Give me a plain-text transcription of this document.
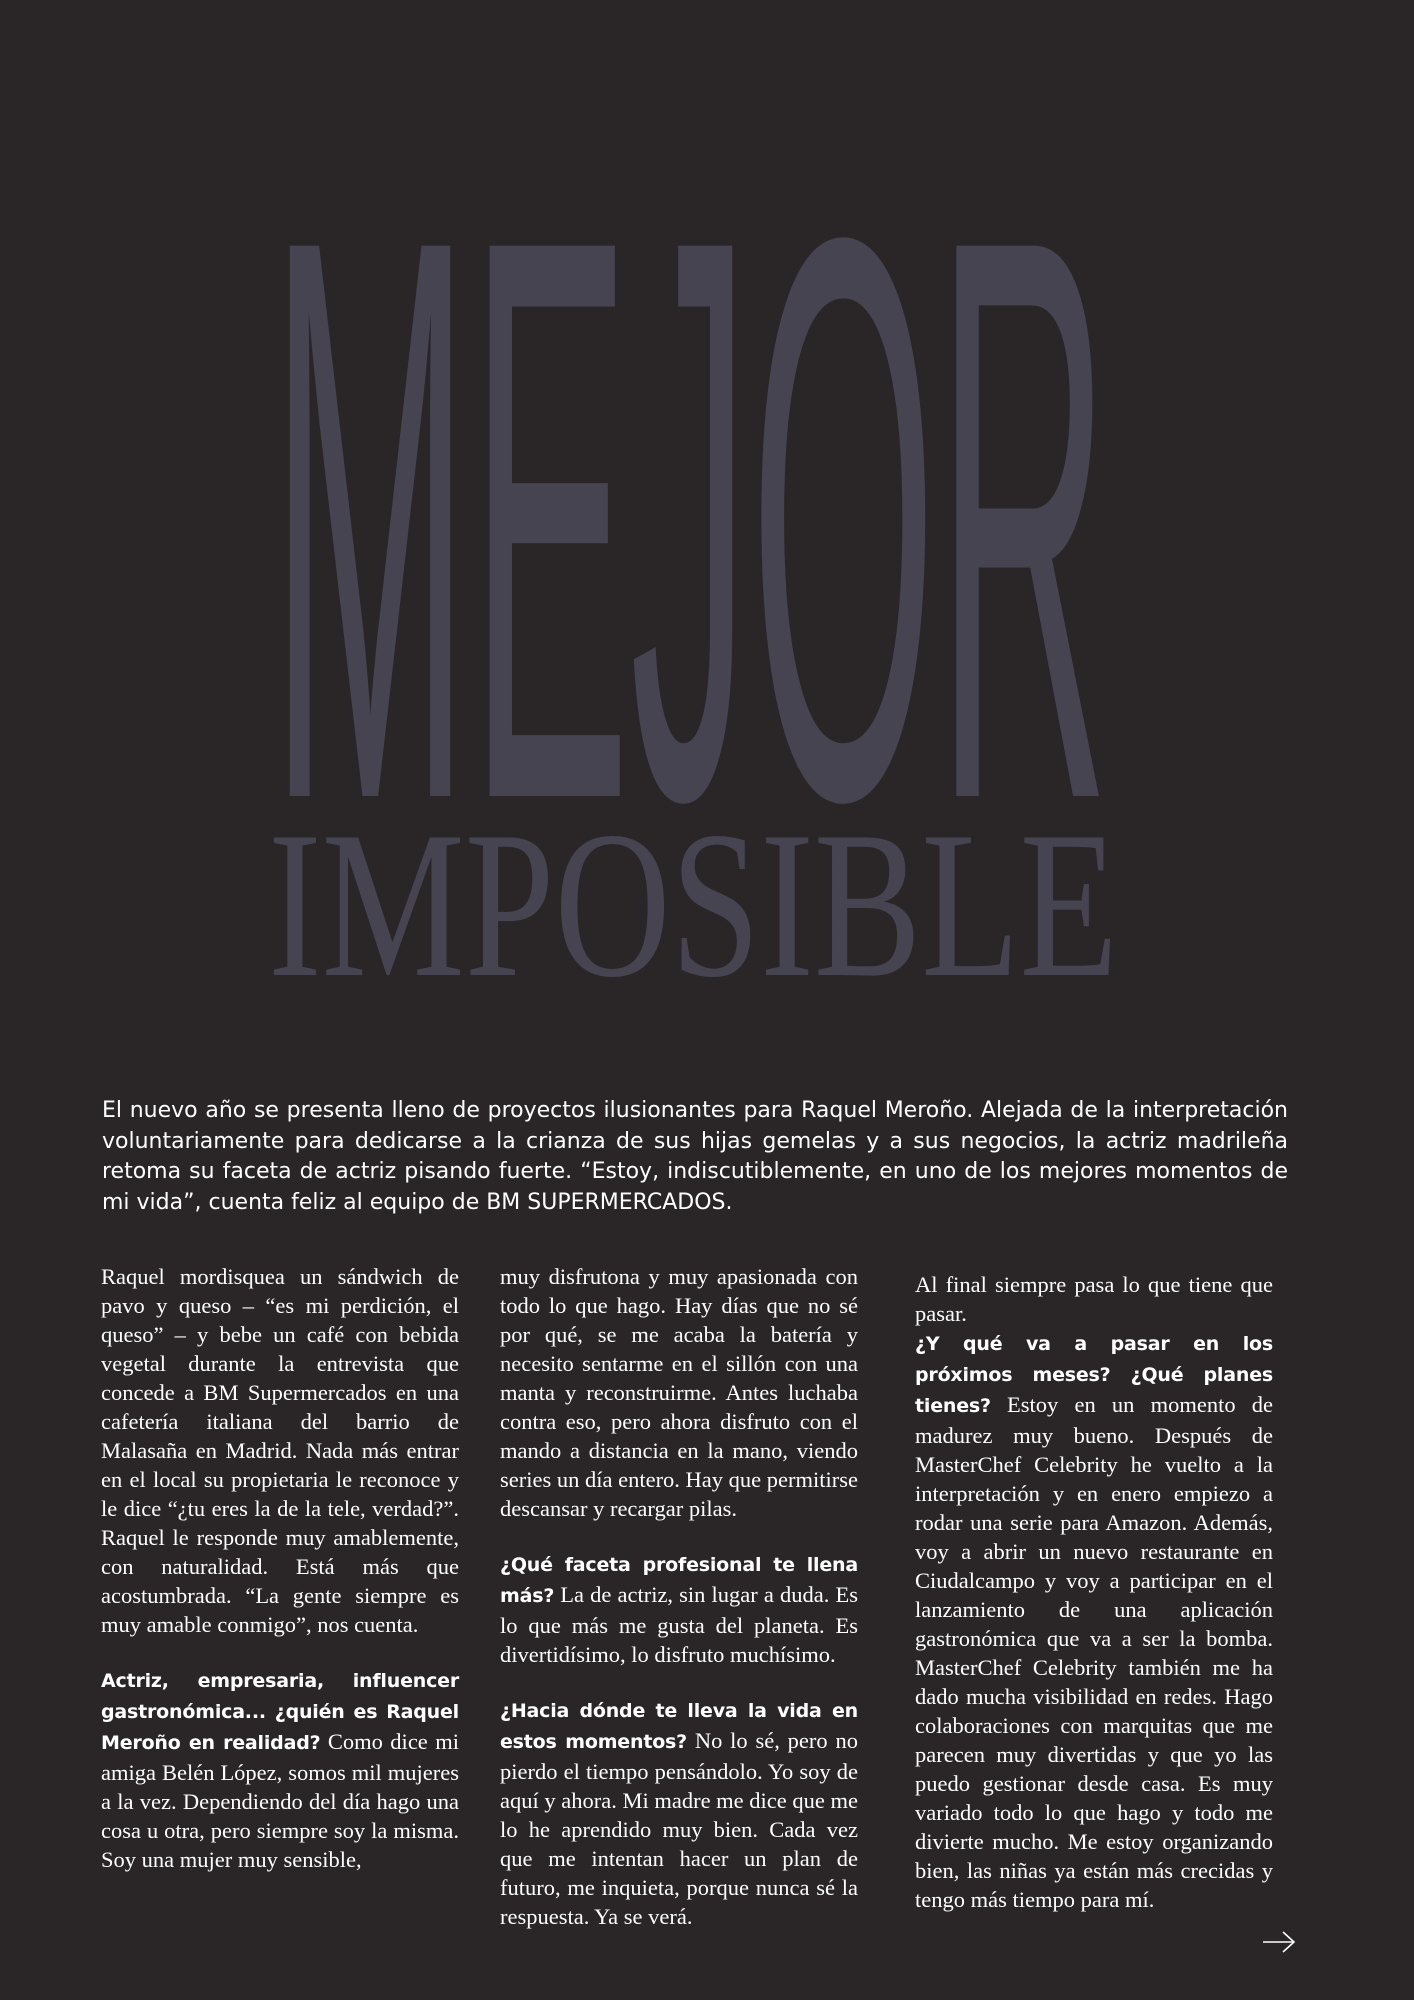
MEJOR
IMPOSIBLE

El nuevo año se presenta lleno de proyectos ilusionantes para Raquel Meroño. Alejada de la interpretación voluntariamente para dedicarse a la crianza de sus hijas gemelas y a sus negocios, la actriz madrileña retoma su faceta de actriz pisando fuerte. “Estoy, indiscutiblemente, en uno de los mejores momentos de mi vida”, cuenta feliz al equipo de BM SUPERMERCADOS.

Raquel mordisquea un sándwich de pavo y queso – “es mi perdición, el queso” – y bebe un café con bebida vegetal durante la entrevista que concede a BM Supermercados en una cafetería italiana del barrio de Malasaña en Madrid. Nada más entrar en el local su propietaria le reconoce y le dice “¿tu eres la de la tele, verdad?”. Raquel le responde muy amablemente, con naturalidad. Está más que acostumbrada. “La gente siempre es muy amable conmigo”, nos cuenta.

Actriz, empresaria, influencer gastronómica... ¿quién es Raquel Meroño en realidad? Como dice mi amiga Belén López, somos mil mujeres a la vez. Dependiendo del día hago una cosa u otra, pero siempre soy la misma. Soy una mujer muy sensible,

muy disfrutona y muy apasionada con todo lo que hago. Hay días que no sé por qué, se me acaba la batería y necesito sentarme en el sillón con una manta y reconstruirme. Antes luchaba contra eso, pero ahora disfruto con el mando a distancia en la mano, viendo series un día entero. Hay que permitirse descansar y recargar pilas.

¿Qué faceta profesional te llena más? La de actriz, sin lugar a duda. Es lo que más me gusta del planeta. Es divertidísimo, lo disfruto muchísimo.

¿Hacia dónde te lleva la vida en estos momentos? No lo sé, pero no pierdo el tiempo pensándolo. Yo soy de aquí y ahora. Mi madre me dice que me lo he aprendido muy bien. Cada vez que me intentan hacer un plan de futuro, me inquieta, porque nunca sé la respuesta. Ya se verá.

Al final siempre pasa lo que tiene que pasar.

¿Y qué va a pasar en los próximos meses? ¿Qué planes tienes? Estoy en un momento de madurez muy bueno. Después de MasterChef Celebrity he vuelto a la interpretación y en enero empiezo a rodar una serie para Amazon. Además, voy a abrir un nuevo restaurante en Ciudalcampo y voy a participar en el lanzamiento de una aplicación gastronómica que va a ser la bomba. MasterChef Celebrity también me ha dado mucha visibilidad en redes. Hago colaboraciones con marquitas que me parecen muy divertidas y que yo las puedo gestionar desde casa. Es muy variado todo lo que hago y todo me divierte mucho. Me estoy organizando bien, las niñas ya están más crecidas y tengo más tiempo para mí.
